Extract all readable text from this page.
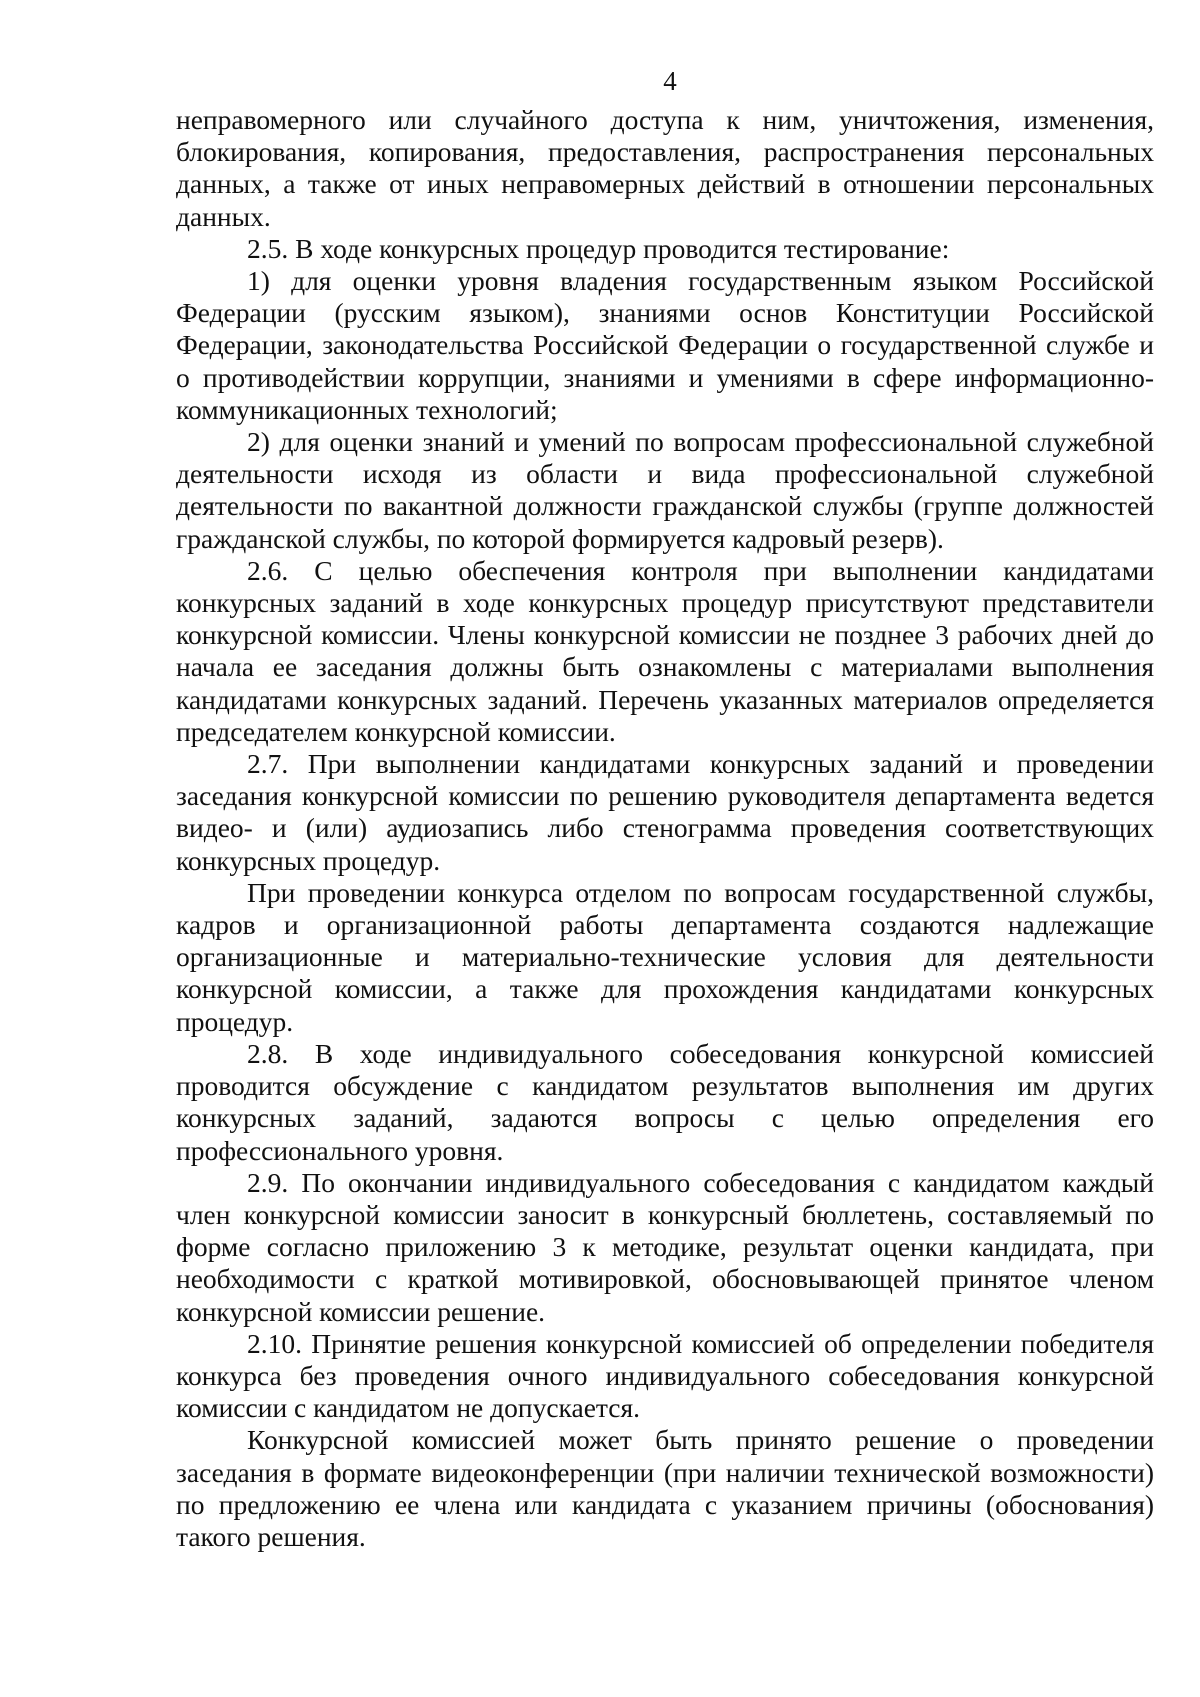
4

неправомерного или случайного доступа к ним, уничтожения, изменения, блокирования, копирования, предоставления, распространения персональных данных, а также от иных неправомерных действий в отношении персональных данных.

2.5. В ходе конкурсных процедур проводится тестирование:

1) для оценки уровня владения государственным языком Российской Федерации (русским языком), знаниями основ Конституции Российской Федерации, законодательства Российской Федерации о государственной службе и о противодействии коррупции, знаниями и умениями в сфере информационно-коммуникационных технологий;

2) для оценки знаний и умений по вопросам профессиональной служебной деятельности исходя из области и вида профессиональной служебной деятельности по вакантной должности гражданской службы (группе должностей гражданской службы, по которой формируется кадровый резерв).

2.6. С целью обеспечения контроля при выполнении кандидатами конкурсных заданий в ходе конкурсных процедур присутствуют представители конкурсной комиссии. Члены конкурсной комиссии не позднее 3 рабочих дней до начала ее заседания должны быть ознакомлены с материалами выполнения кандидатами конкурсных заданий. Перечень указанных материалов определяется председателем конкурсной комиссии.

2.7. При выполнении кандидатами конкурсных заданий и проведении заседания конкурсной комиссии по решению руководителя департамента ведется видео- и (или) аудиозапись либо стенограмма проведения соответствующих конкурсных процедур.

При проведении конкурса отделом по вопросам государственной службы, кадров и организационной работы департамента создаются надлежащие организационные и материально-технические условия для деятельности конкурсной комиссии, а также для прохождения кандидатами конкурсных процедур.

2.8. В ходе индивидуального собеседования конкурсной комиссией проводится обсуждение с кандидатом результатов выполнения им других конкурсных заданий, задаются вопросы с целью определения его профессионального уровня.

2.9. По окончании индивидуального собеседования с кандидатом каждый член конкурсной комиссии заносит в конкурсный бюллетень, составляемый по форме согласно приложению 3 к методике, результат оценки кандидата, при необходимости с краткой мотивировкой, обосновывающей принятое членом конкурсной комиссии решение.

2.10. Принятие решения конкурсной комиссией об определении победителя конкурса без проведения очного индивидуального собеседования конкурсной комиссии с кандидатом не допускается.

Конкурсной комиссией может быть принято решение о проведении заседания в формате видеоконференции (при наличии технической возможности) по предложению ее члена или кандидата с указанием причины (обоснования) такого решения.
